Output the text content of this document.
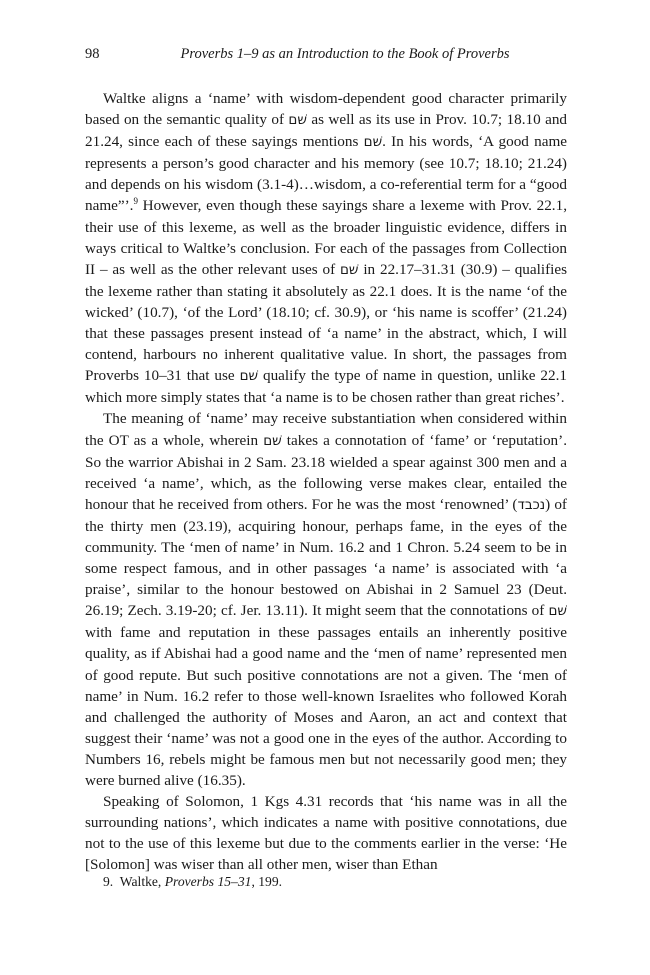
98	Proverbs 1–9 as an Introduction to the Book of Proverbs

Waltke aligns a ‘name’ with wisdom-dependent good character primarily based on the semantic quality of שׁם as well as its use in Prov. 10.7; 18.10 and 21.24, since each of these sayings mentions שׁם. In his words, ‘A good name represents a person’s good character and his memory (see 10.7; 18.10; 21.24) and depends on his wisdom (3.1-4)…wisdom, a co-referential term for a “good name”’.$^9$ However, even though these sayings share a lexeme with Prov. 22.1, their use of this lexeme, as well as the broader linguistic evidence, differs in ways critical to Waltke’s conclusion. For each of the passages from Collection II – as well as the other relevant uses of שׁם in 22.17–31.31 (30.9) – qualifies the lexeme rather than stating it absolutely as 22.1 does. It is the name ‘of the wicked’ (10.7), ‘of the Lord’ (18.10; cf. 30.9), or ‘his name is scoffer’ (21.24) that these passages present instead of ‘a name’ in the abstract, which, I will contend, harbours no inherent qualitative value. In short, the passages from Proverbs 10–31 that use שׁם qualify the type of name in question, unlike 22.1 which more simply states that ‘a name is to be chosen rather than great riches’.

The meaning of ‘name’ may receive substantiation when considered within the OT as a whole, wherein שׁם takes a connotation of ‘fame’ or ‘reputation’. So the warrior Abishai in 2 Sam. 23.18 wielded a spear against 300 men and a received ‘a name’, which, as the following verse makes clear, entailed the honour that he received from others. For he was the most ‘renowned’ (נכבד) of the thirty men (23.19), acquiring honour, perhaps fame, in the eyes of the community. The ‘men of name’ in Num. 16.2 and 1 Chron. 5.24 seem to be in some respect famous, and in other passages ‘a name’ is associated with ‘a praise’, similar to the honour bestowed on Abishai in 2 Samuel 23 (Deut. 26.19; Zech. 3.19-20; cf. Jer. 13.11). It might seem that the connotations of שׁם with fame and reputation in these passages entails an inherently positive quality, as if Abishai had a good name and the ‘men of name’ represented men of good repute. But such positive connotations are not a given. The ‘men of name’ in Num. 16.2 refer to those well-known Israelites who followed Korah and challenged the authority of Moses and Aaron, an act and context that suggest their ‘name’ was not a good one in the eyes of the author. According to Numbers 16, rebels might be famous men but not necessarily good men; they were burned alive (16.35).

Speaking of Solomon, 1 Kgs 4.31 records that ‘his name was in all the surrounding nations’, which indicates a name with positive connotations, due not to the use of this lexeme but due to the comments earlier in the verse: ‘He [Solomon] was wiser than all other men, wiser than Ethan

9. Waltke, Proverbs 15–31, 199.
